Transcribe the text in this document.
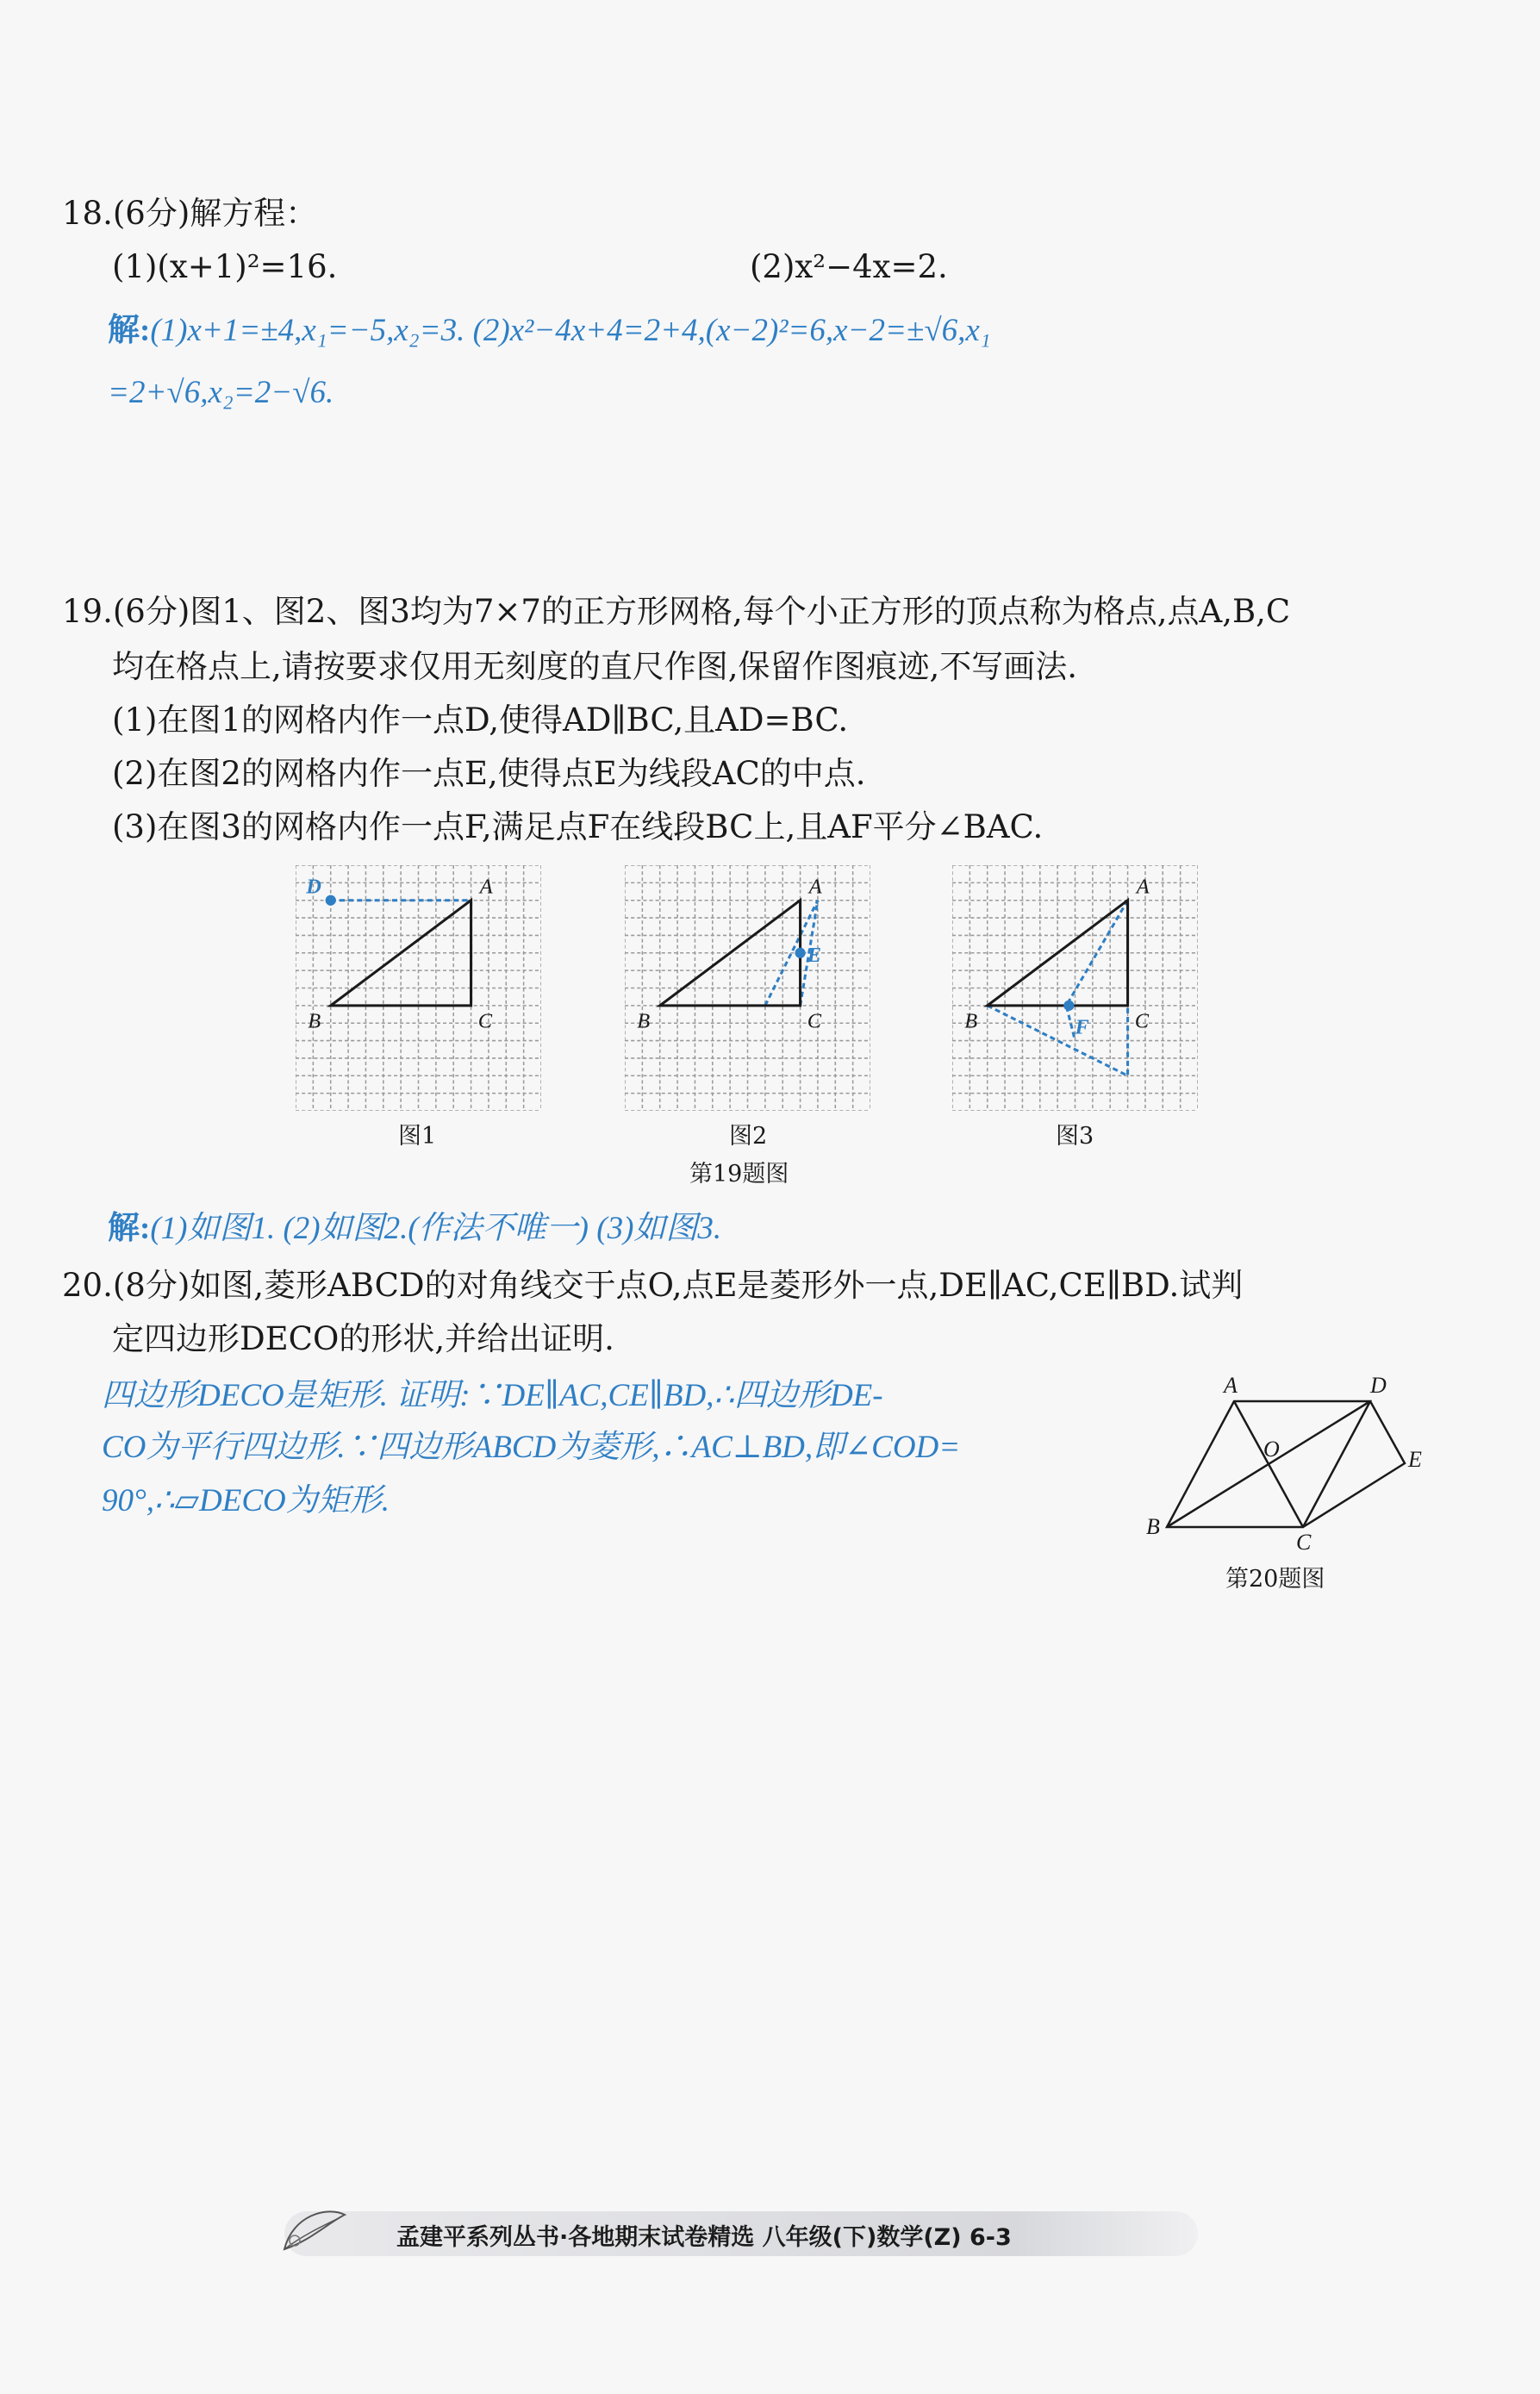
18.(6分)解方程：
(1)(x+1)²=16.	(2)x²−4x=2.
解:(1)x+1=±4,x₁=−5,x₂=3. (2)x²−4x+4=2+4,(x−2)²=6,x−2=±√6,x₁
=2+√6,x₂=2−√6.
19.(6分)图1、图2、图3均为7×7的正方形网格,每个小正方形的顶点称为格点,点A,B,C
均在格点上,请按要求仅用无刻度的直尺作图,保留作图痕迹,不写画法.
(1)在图1的网格内作一点D,使得AD∥BC,且AD=BC.
(2)在图2的网格内作一点E,使得点E为线段AC的中点.
(3)在图3的网格内作一点F,满足点F在线段BC上,且AF平分∠BAC.
D	A
B	C
E
A
B	C	F
A
B	C
图1	图2	图3
第19题图
解:(1)如图1. (2)如图2.(作法不唯一) (3)如图3.
20.(8分)如图,菱形ABCD的对角线交于点O,点E是菱形外一点,DE∥AC,CE∥BD.试判
定四边形DECO的形状,并给出证明.
四边形DECO是矩形. 证明:∵DE∥AC,CE∥BD,∴四边形DE-
CO为平行四边形.∵四边形ABCD为菱形,∴AC⊥BD,即∠COD=
90°,∴▱DECO为矩形.
A	D
E
C
B
O
第20题图
孟建平系列丛书·各地期末试卷精选 八年级(下)数学(Z) 6-3
